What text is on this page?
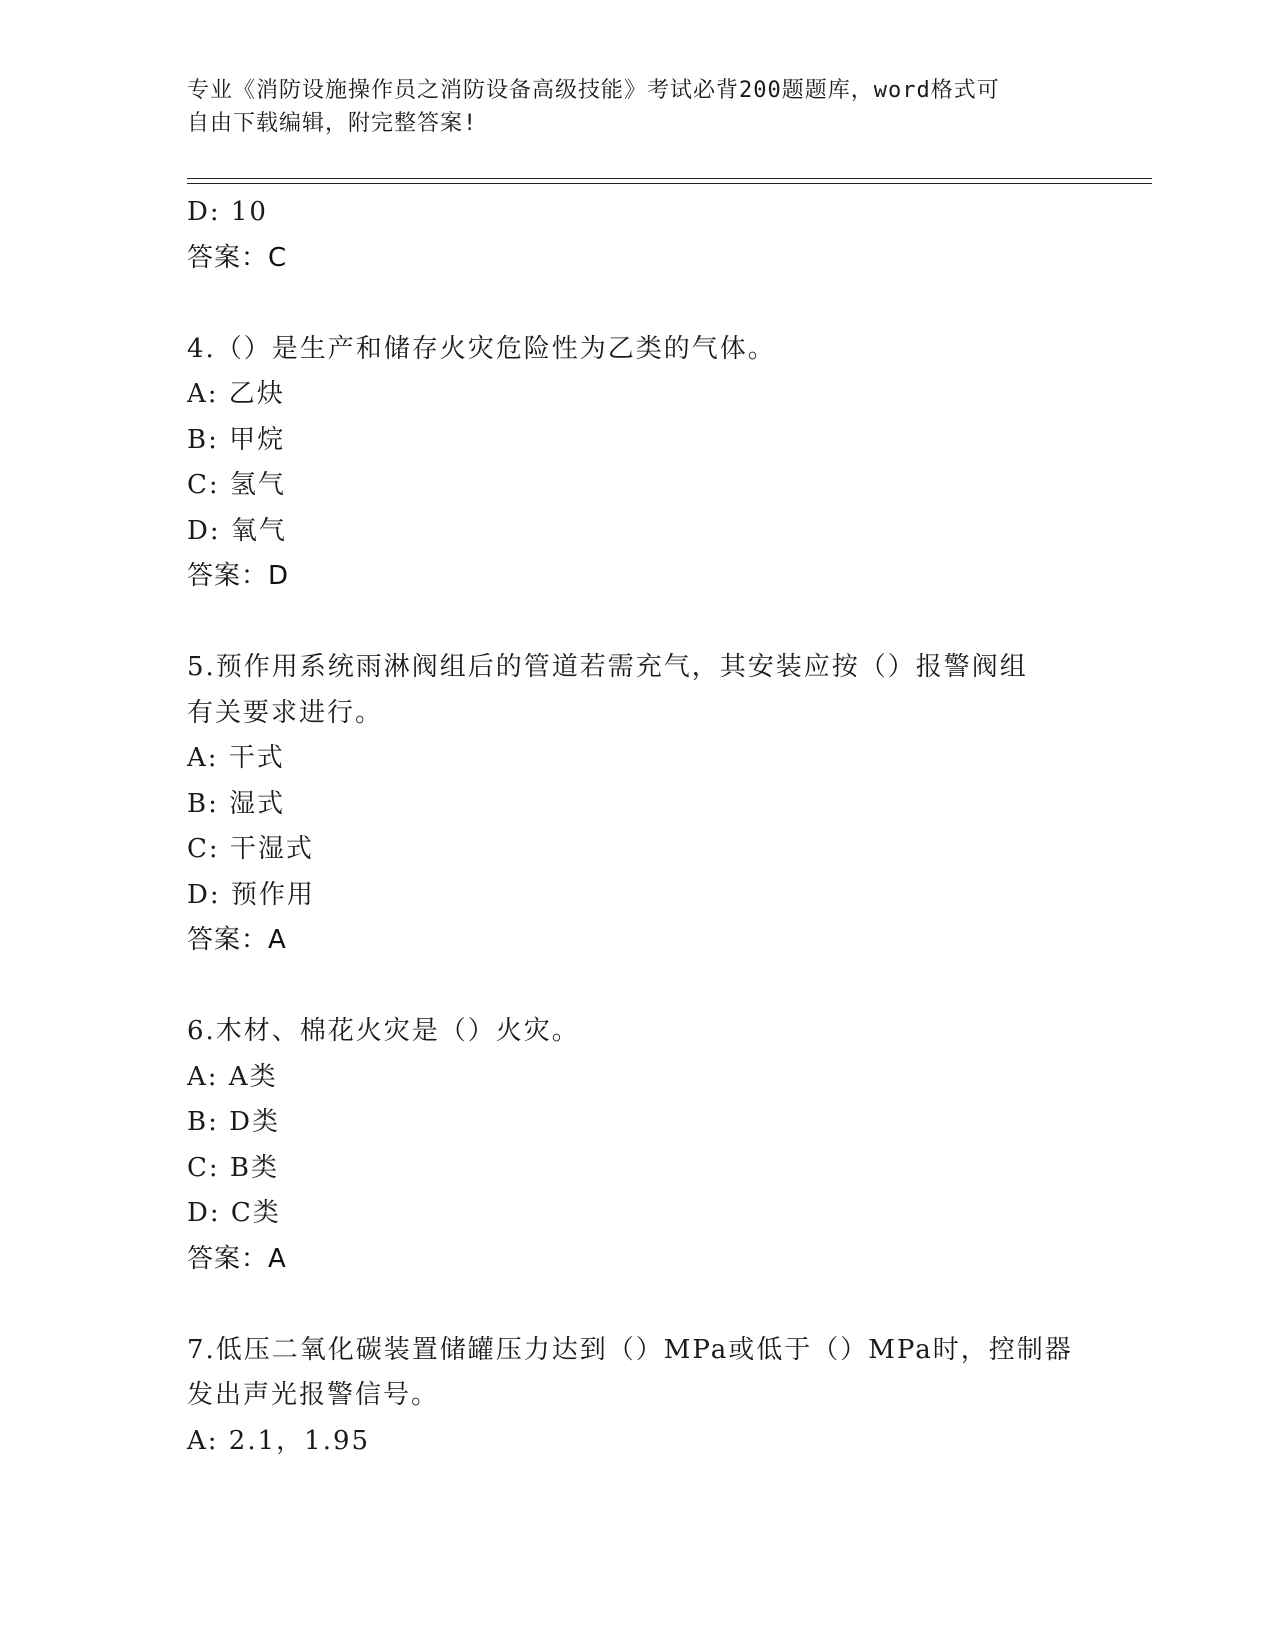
专业《消防设施操作员之消防设备高级技能》考试必背200题题库，word格式可
自由下载编辑，附完整答案!
D: 10
答案：C
4.（）是生产和储存火灾危险性为乙类的气体。
A: 乙炔
B: 甲烷
C: 氢气
D: 氧气
答案：D
5.预作用系统雨淋阀组后的管道若需充气，其安装应按（）报警阀组
有关要求进行。
A: 干式
B: 湿式
C: 干湿式
D: 预作用
答案：A
6.木材、棉花火灾是（）火灾。
A: A类
B: D类
C: B类
D: C类
答案：A
7.低压二氧化碳装置储罐压力达到（）MPa或低于（）MPa时，控制器
发出声光报警信号。
A: 2.1，1.95
